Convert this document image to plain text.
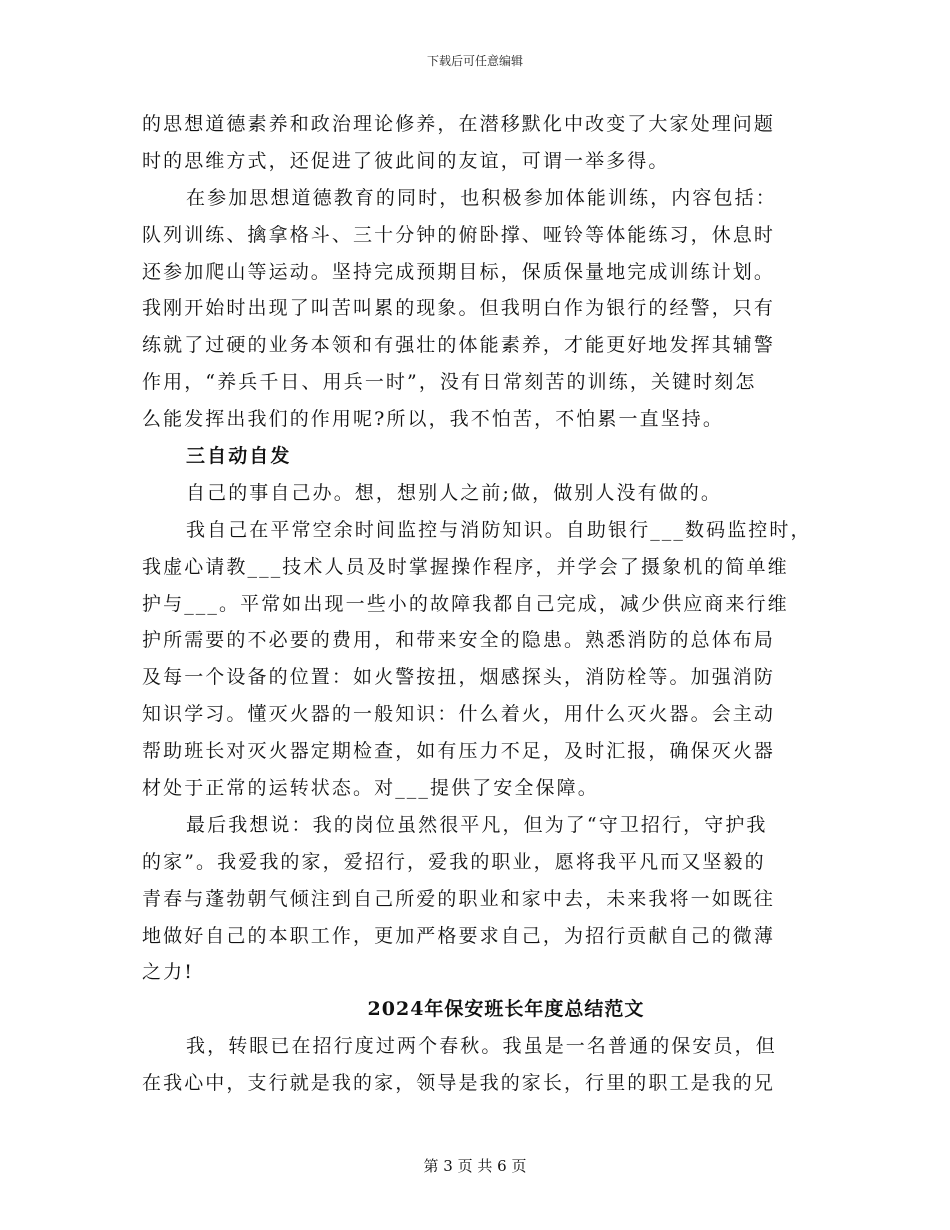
下载后可任意编辑
的思想道德素养和政治理论修养，在潜移默化中改变了大家处理问题
时的思维方式，还促进了彼此间的友谊，可谓一举多得。
在参加思想道德教育的同时，也积极参加体能训练，内容包括：
队列训练、擒拿格斗、三十分钟的俯卧撑、哑铃等体能练习，休息时
还参加爬山等运动。坚持完成预期目标，保质保量地完成训练计划。
我刚开始时出现了叫苦叫累的现象。但我明白作为银行的经警，只有
练就了过硬的业务本领和有强壮的体能素养，才能更好地发挥其辅警
作用，“养兵千日、用兵一时”，没有日常刻苦的训练，关键时刻怎
么能发挥出我们的作用呢?所以，我不怕苦，不怕累一直坚持。
三自动自发
自己的事自己办。想，想别人之前;做，做别人没有做的。
我自己在平常空余时间监控与消防知识。自助银行___数码监控时，
我虚心请教___技术人员及时掌握操作程序，并学会了摄象机的简单维
护与___。平常如出现一些小的故障我都自己完成，减少供应商来行维
护所需要的不必要的费用，和带来安全的隐患。熟悉消防的总体布局
及每一个设备的位置：如火警按扭，烟感探头，消防栓等。加强消防
知识学习。懂灭火器的一般知识：什么着火，用什么灭火器。会主动
帮助班长对灭火器定期检查，如有压力不足，及时汇报，确保灭火器
材处于正常的运转状态。对___提供了安全保障。
最后我想说：我的岗位虽然很平凡，但为了“守卫招行，守护我
的家”。我爱我的家，爱招行，爱我的职业，愿将我平凡而又坚毅的
青春与蓬勃朝气倾注到自己所爱的职业和家中去，未来我将一如既往
地做好自己的本职工作，更加严格要求自己，为招行贡献自己的微薄
之力!
2024年保安班长年度总结范文
我，转眼已在招行度过两个春秋。我虽是一名普通的保安员，但
在我心中，支行就是我的家，领导是我的家长，行里的职工是我的兄
第 3 页 共 6 页
